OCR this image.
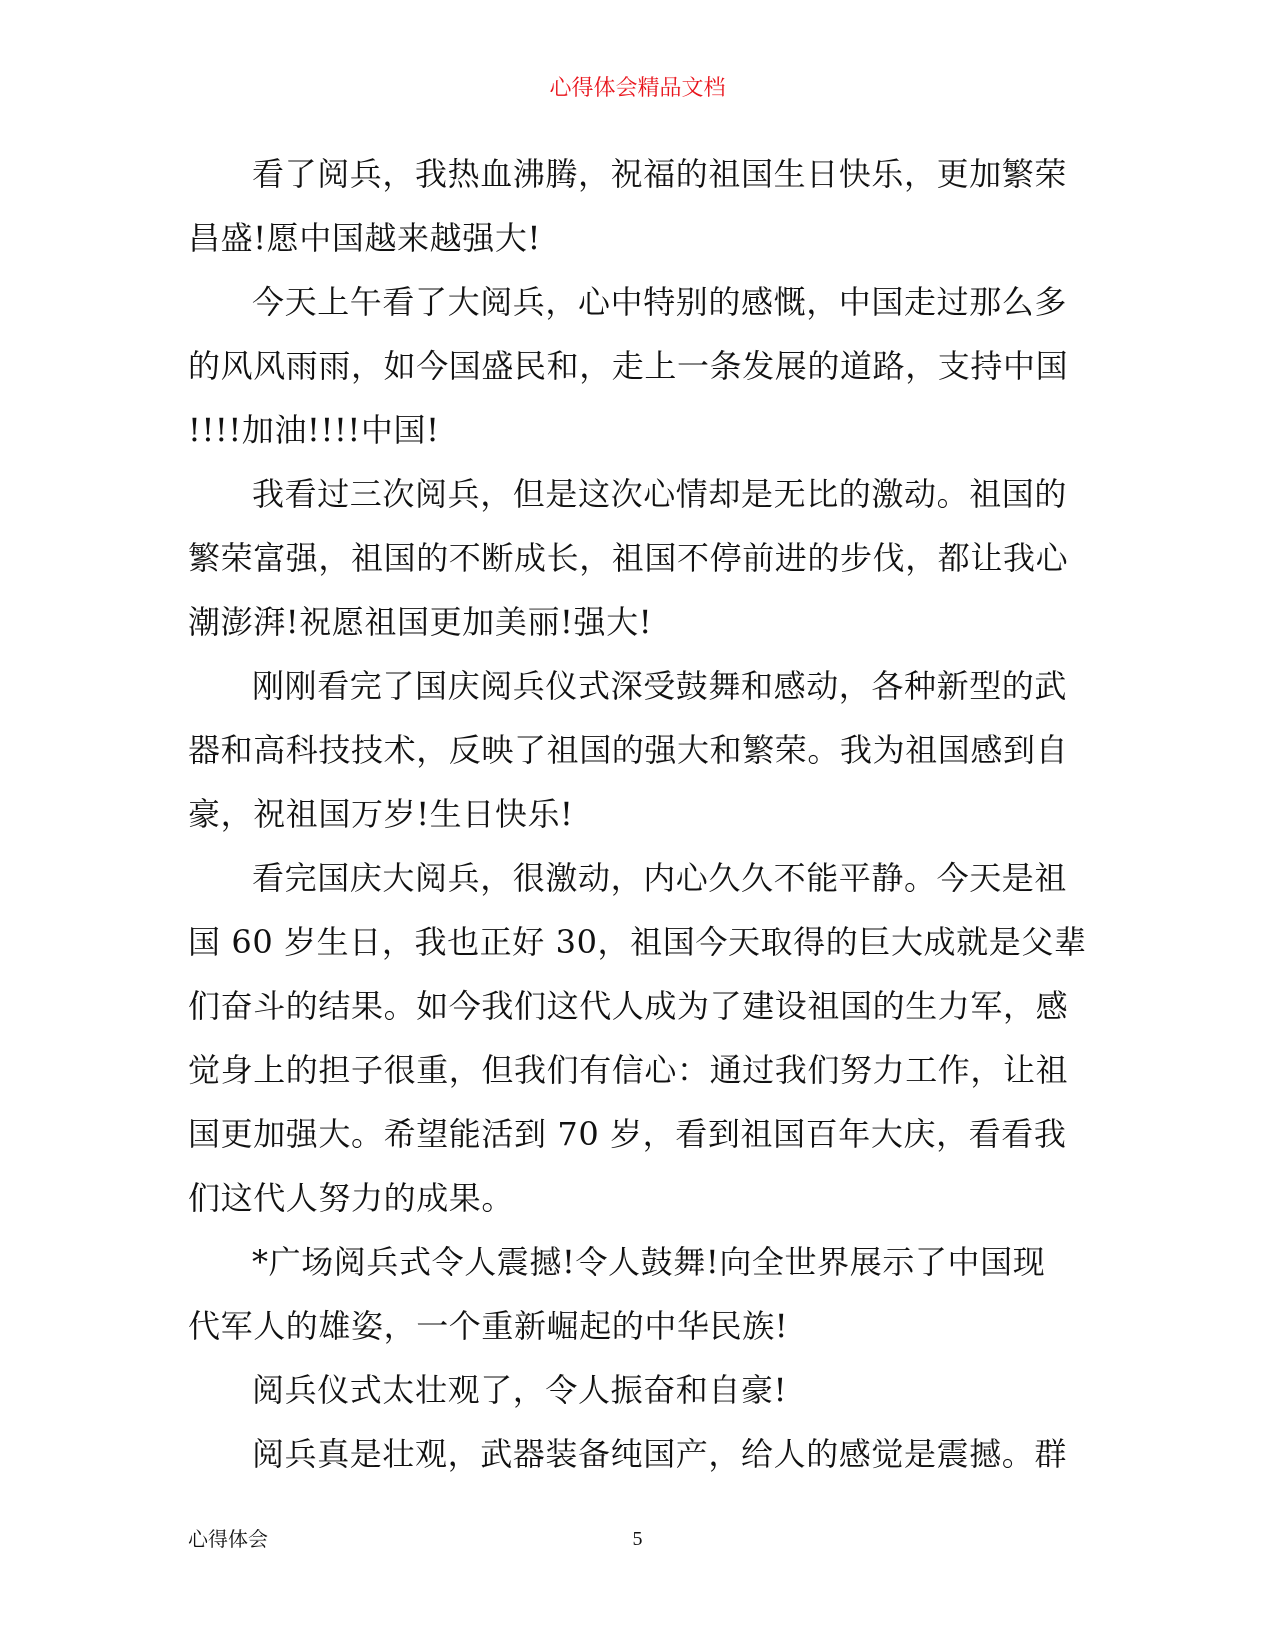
心得体会精品文档
看了阅兵，我热血沸腾，祝福的祖国生日快乐，更加繁荣
昌盛!愿中国越来越强大!
今天上午看了大阅兵，心中特别的感慨，中国走过那么多
的风风雨雨，如今国盛民和，走上一条发展的道路，支持中国
!!!!加油!!!!中国!
我看过三次阅兵，但是这次心情却是无比的激动。祖国的
繁荣富强，祖国的不断成长，祖国不停前进的步伐，都让我心
潮澎湃!祝愿祖国更加美丽!强大!
刚刚看完了国庆阅兵仪式深受鼓舞和感动，各种新型的武
器和高科技技术，反映了祖国的强大和繁荣。我为祖国感到自
豪，祝祖国万岁!生日快乐!
看完国庆大阅兵，很激动，内心久久不能平静。今天是祖
国 60 岁生日，我也正好 30，祖国今天取得的巨大成就是父辈
们奋斗的结果。如今我们这代人成为了建设祖国的生力军，感
觉身上的担子很重，但我们有信心：通过我们努力工作，让祖
国更加强大。希望能活到 70 岁，看到祖国百年大庆，看看我
们这代人努力的成果。
*广场阅兵式令人震撼!令人鼓舞!向全世界展示了中国现
代军人的雄姿，一个重新崛起的中华民族!
阅兵仪式太壮观了，令人振奋和自豪!
阅兵真是壮观，武器装备纯国产，给人的感觉是震撼。群
心得体会	5
